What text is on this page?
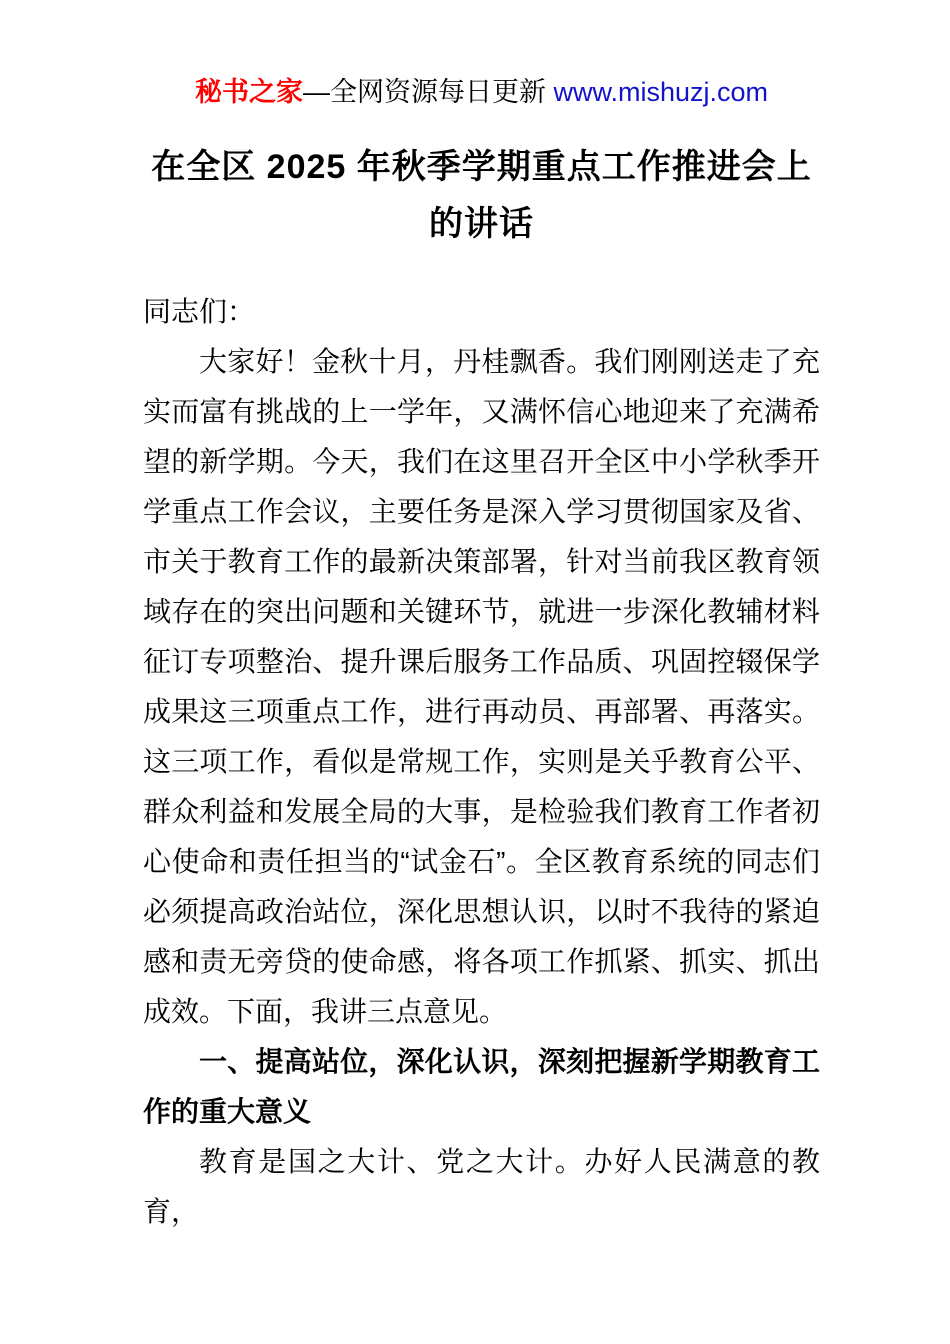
秘书之家—全网资源每日更新 www.mishuzj.com
在全区 2025 年秋季学期重点工作推进会上的讲话

同志们：

大家好！金秋十月，丹桂飘香。我们刚刚送走了充实而富有挑战的上一学年，又满怀信心地迎来了充满希望的新学期。今天，我们在这里召开全区中小学秋季开学重点工作会议，主要任务是深入学习贯彻国家及省、市关于教育工作的最新决策部署，针对当前我区教育领域存在的突出问题和关键环节，就进一步深化教辅材料征订专项整治、提升课后服务工作品质、巩固控辍保学成果这三项重点工作，进行再动员、再部署、再落实。这三项工作，看似是常规工作，实则是关乎教育公平、群众利益和发展全局的大事，是检验我们教育工作者初心使命和责任担当的“试金石”。全区教育系统的同志们必须提高政治站位，深化思想认识，以时不我待的紧迫感和责无旁贷的使命感，将各项工作抓紧、抓实、抓出成效。下面，我讲三点意见。

一、提高站位，深化认识，深刻把握新学期教育工作的重大意义

教育是国之大计、党之大计。办好人民满意的教育，
